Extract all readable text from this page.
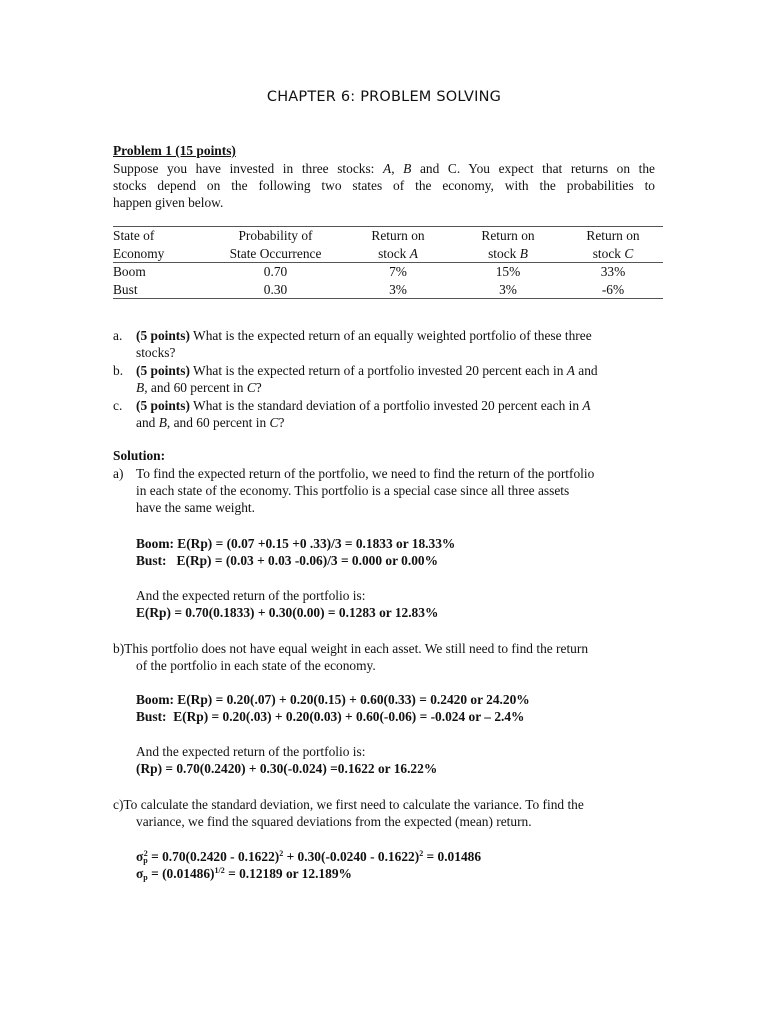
CHAPTER 6: PROBLEM SOLVING
Problem 1 (15 points)
Suppose you have invested in three stocks: A, B and C. You expect that returns on the
stocks depend on the following two states of the economy, with the probabilities to
happen given below.
State of	Probability of	Return on	Return on	Return on
Economy	State Occurrence	stock A	stock B	stock C
Boom	0.70	7%	15%	33%
Bust	0.30	3%	3%	-6%
a. (5 points) What is the expected return of an equally weighted portfolio of these three
stocks?
b. (5 points) What is the expected return of a portfolio invested 20 percent each in A and
B, and 60 percent in C?
c. (5 points) What is the standard deviation of a portfolio invested 20 percent each in A
and B, and 60 percent in C?
Solution:
a) To find the expected return of the portfolio, we need to find the return of the portfolio
in each state of the economy. This portfolio is a special case since all three assets
have the same weight.
Boom: E(Rp) = (0.07 +0.15 +0 .33)/3 = 0.1833 or 18.33%
Bust:   E(Rp) = (0.03 + 0.03 -0.06)/3 = 0.000 or 0.00%
And the expected return of the portfolio is:
E(Rp) = 0.70(0.1833) + 0.30(0.00) = 0.1283 or 12.83%
b)This portfolio does not have equal weight in each asset. We still need to find the return
of the portfolio in each state of the economy.
Boom: E(Rp) = 0.20(.07) + 0.20(0.15) + 0.60(0.33) = 0.2420 or 24.20%
Bust:  E(Rp) = 0.20(.03) + 0.20(0.03) + 0.60(-0.06) = -0.024 or – 2.4%
And the expected return of the portfolio is:
(Rp) = 0.70(0.2420) + 0.30(-0.024) =0.1622 or 16.22%
c)To calculate the standard deviation, we first need to calculate the variance. To find the
variance, we find the squared deviations from the expected (mean) return.
$\sigma_p^2 = 0.70(0.2420 - 0.1622)^2 + 0.30(-0.0240 - 0.1622)^2 = 0.01486$
$\sigma_p = (0.01486)^{1/2} = 0.12189$ or 12.189%
